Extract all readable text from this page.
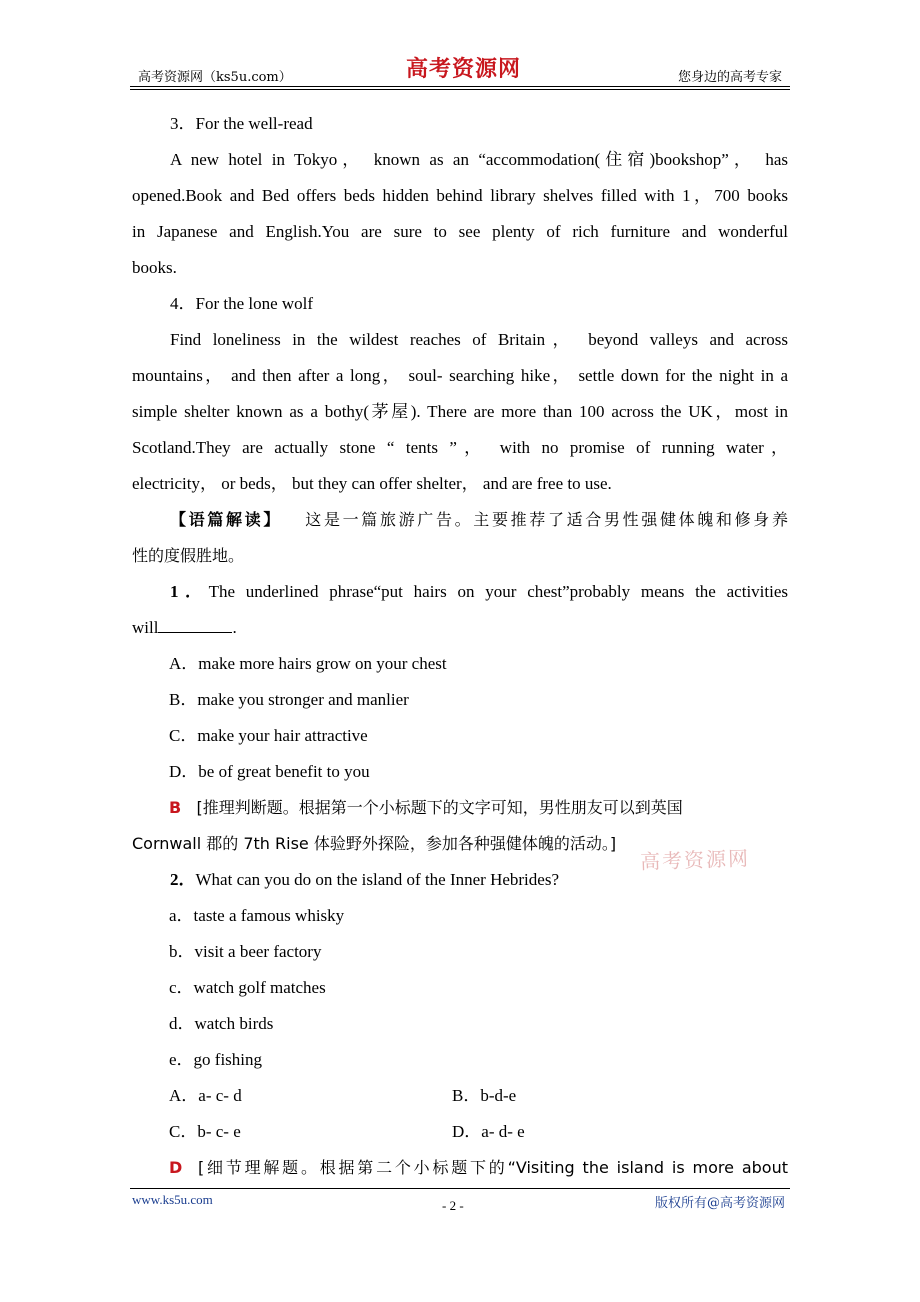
高考资源网（ks5u.com）	高考资源网	您身边的高考专家

3．For the well-read

A new hotel in Tokyo， known as an “accommodation(住宿)bookshop”， has

opened.Book and Bed offers beds hidden behind library shelves filled with 1，700 books

in Japanese and English.You are sure to see plenty of rich furniture and wonderful

books.

4．For the lone wolf

Find loneliness in the wildest reaches of Britain， beyond valleys and across

mountains， and then after a long， soul- searching hike， settle down for the night in a

simple shelter known as a bothy(茅屋). There are more than 100 across the UK，most in

Scotland.They are actually stone “ tents ”， with no promise of running water，

electricity， or beds， but they can offer shelter， and are free to use.

【语篇解读】 这是一篇旅游广告。主要推荐了适合男性强健体魄和修身养

性的度假胜地。

1．The underlined phrase“put hairs on your chest”probably means the activities

will	.

A．make more hairs grow on your chest

B．make you stronger and manlier

C．make your hair attractive

D．be of great benefit to you

B [推理判断题。根据第一个小标题下的文字可知，男性朋友可以到英国

Cornwall 郡的 7th Rise 体验野外探险，参加各种强健体魄的活动。]

2．What can you do on the island of the Inner Hebrides?

a．taste a famous whisky

b．visit a beer factory

c．watch golf matches

d．watch birds

e．go fishing

A．a- c- d	B．b-d-e

C．b- c- e	D．a- d- e

D [细节理解题。根据第二个小标题下的“Visiting the island is more about

高考资源网
www.ks5u.com	- 2 -	版权所有@高考资源网
